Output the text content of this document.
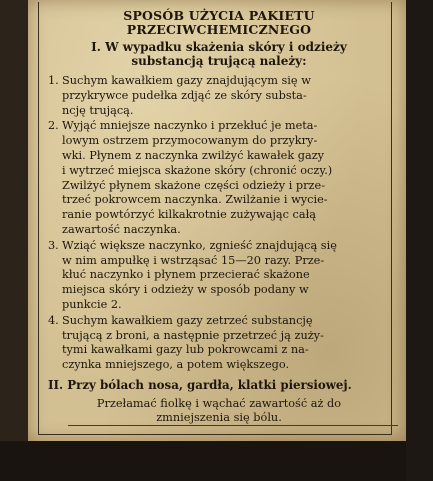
SPOSÓB UŻYCIA PAKIETU
PRZECIWCHEMICZNEGO
I. W wypadku skażenia skóry i odzieży
substancją trującą należy:
1. Suchym kawałkiem gazy znajdującym się w
przykrywce pudełka zdjąć ze skóry substa-
ncję trującą.
2. Wyjąć mniejsze naczynko i przekłuć je meta-
lowym ostrzem przymocowanym do przykry-
wki. Płynem z naczynka zwilżyć kawałek gazy
i wytrzeć miejsca skażone skóry (chronić oczy.)
Zwilżyć płynem skażone części odzieży i prze-
trzeć pokrowcem naczynka. Zwilżanie i wycie-
ranie powtórzyć kilkakrotnie zużywając całą
zawartość naczynka.
3. Wziąć większe naczynko, zgnieść znajdującą się
w nim ampułkę i wstrząsać 15—20 razy. Prze-
kłuć naczynko i płynem przecierać skażone
miejsca skóry i odzieży w sposób podany w
punkcie 2.
4. Suchym kawałkiem gazy zetrzeć substancję
trującą z broni, a następnie przetrzeć ją zuży-
tymi kawałkami gazy lub pokrowcami z na-
czynka mniejszego, a potem większego.
II. Przy bólach nosa, gardła, klatki piersiowej.
Przełamać fiolkę i wąchać zawartość aż do
zmniejszenia się bólu.
